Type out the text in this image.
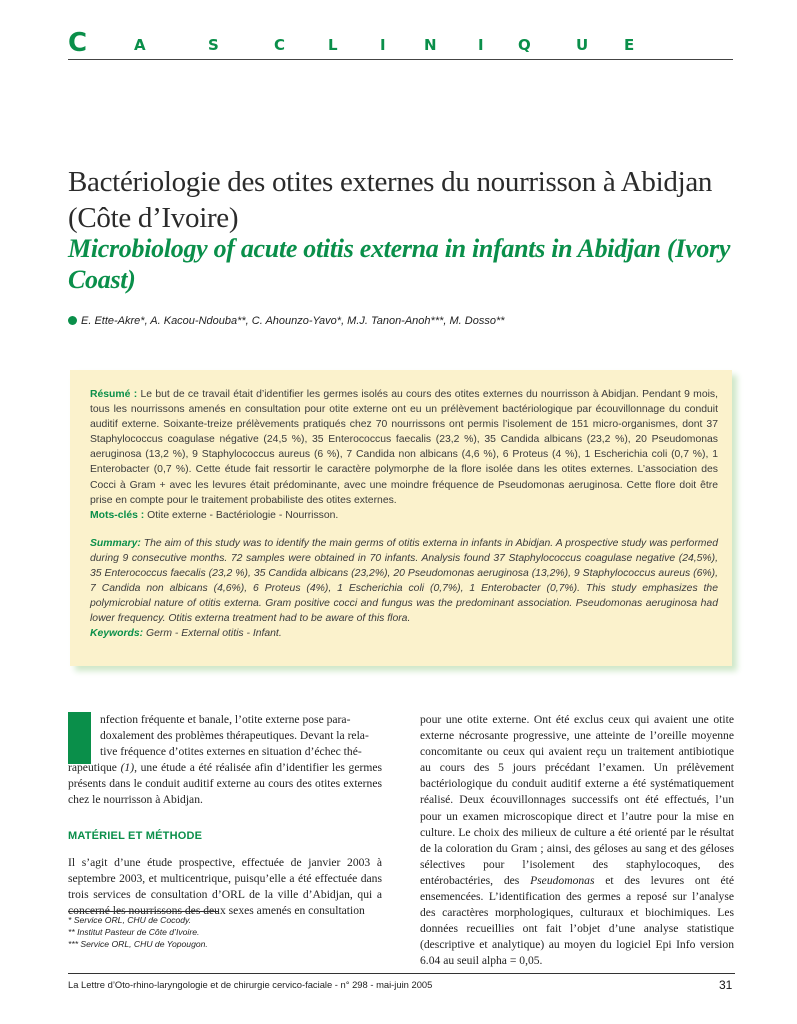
C	A	S	C	L	I	N	I Q	U E
Bactériologie des otites externes du nourrisson à Abidjan (Côte d’Ivoire)
Microbiology of acute otitis externa in infants in Abidjan (Ivory Coast)
E. Ette-Akre*, A. Kacou-Ndouba**, C. Ahounzo-Yavo*, M.J. Tanon-Anoh***, M. Dosso**

Résumé : Le but de ce travail était d’identifier les germes isolés au cours des otites externes du nourrisson à Abidjan. Pendant 9 mois, tous les nourrissons amenés en consultation pour otite externe ont eu un prélèvement bactériologique par écouvillonnage du conduit auditif externe. Soixante-treize prélèvements pratiqués chez 70 nourrissons ont permis l’isolement de 151 micro-organismes, dont 37 Staphylococcus coagulase négative (24,5 %), 35 Enterococcus faecalis (23,2 %), 35 Candida albicans (23,2 %), 20 Pseudomonas aeruginosa (13,2 %), 9 Staphylococcus aureus (6 %), 7 Candida non albicans (4,6 %), 6 Proteus (4 %), 1 Escherichia coli (0,7 %), 1 Enterobacter (0,7 %). Cette étude fait ressortir le caractère polymorphe de la flore isolée dans les otites externes. L’association des Cocci à Gram + avec les levures était prédominante, avec une moindre fréquence de Pseudomonas aeruginosa. Cette flore doit être prise en compte pour le traitement probabiliste des otites externes.

Mots-clés : Otite externe - Bactériologie - Nourrisson.

Summary: The aim of this study was to identify the main germs of otitis externa in infants in Abidjan. A prospective study was performed during 9 consecutive months. 72 samples were obtained in 70 infants. Analysis found 37 Staphylococcus coagulase negative (24,5%), 35 Enterococcus faecalis (23,2 %), 35 Candida albicans (23,2%), 20 Pseudomonas aeruginosa (13,2%), 9 Staphylococcus aureus (6%), 7 Candida non albicans (4,6%), 6 Proteus (4%), 1 Escherichia coli (0,7%), 1 Enterobacter (0,7%). This study emphasizes the polymicrobial nature of otitis externa. Gram positive cocci and fungus was the predominant association. Pseudomonas aeruginosa had lower frequency. Otitis externa treatment had to be aware of this flora.

Keywords: Germ - External otitis - Infant.

nfection fréquente et banale, l’otite externe pose para-
doxalement des problèmes thérapeutiques. Devant la rela-
tive fréquence d’otites externes en situation d’échec thé-

rapeutique (1), une étude a été réalisée afin d’identifier les germes présents dans le conduit auditif externe au cours des otites externes chez le nourrisson à Abidjan.

MATÉRIEL ET MÉTHODE

Il s’agit d’une étude prospective, effectuée de janvier 2003 à septembre 2003, et multicentrique, puisqu’elle a été effectuée dans trois services de consultation d’ORL de la ville d’Abidjan, qui a concerné les nourrissons des deux sexes amenés en consultation

pour une otite externe. Ont été exclus ceux qui avaient une otite externe nécrosante progressive, une atteinte de l’oreille moyenne concomitante ou ceux qui avaient reçu un traitement antibiotique au cours des 5 jours précédant l’examen. Un prélèvement bactériologique du conduit auditif externe a été systématiquement réalisé. Deux écouvillonnages successifs ont été effectués, l’un pour un examen microscopique direct et l’autre pour la mise en culture. Le choix des milieux de culture a été orienté par le résultat de la coloration du Gram ; ainsi, des géloses au sang et des géloses sélectives pour l’isolement des staphylocoques, des entérobactéries, des Pseudomonas et des levures ont été ensemencées. L’identification des germes a reposé sur l’analyse des caractères morphologiques, culturaux et biochimiques. Les données recueillies ont fait l’objet d’une analyse statistique (descriptive et analytique) au moyen du logiciel Epi Info version 6.04 au seuil alpha = 0,05.

* Service ORL, CHU de Cocody.
** Institut Pasteur de Côte d’Ivoire.
*** Service ORL, CHU de Yopougon.
La Lettre d’Oto-rhino-laryngologie et de chirurgie cervico-faciale - n° 298 - mai-juin 2005	31
